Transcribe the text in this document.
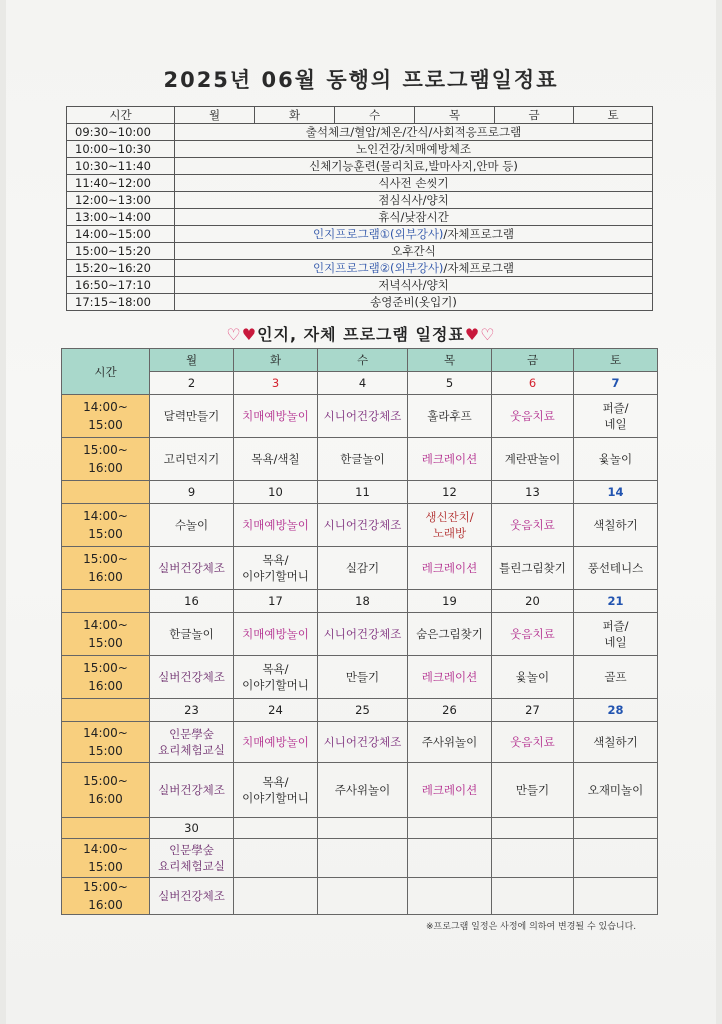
2025년 06월 동행의 프로그램일정표
시간	월	화	수	목	금	토
09:30~10:00	출석체크/혈압/체온/간식/사회적응프로그램					
10:00~10:30	노인건강/치매예방체조					
10:30~11:40	신체기능훈련(물리치료,발마사지,안마 등)					
11:40~12:00	식사전 손씻기					
12:00~13:00	점심식사/양치					
13:00~14:00	휴식/낮잠시간					
14:00~15:00	인지프로그램①(외부강사)/자체프로그램					
15:00~15:20	오후간식					
15:20~16:20	인지프로그램②(외부강사)/자체프로그램					
16:50~17:10	저녁식사/양치					
17:15~18:00	송영준비(옷입기)					
♡♥인지, 자체 프로그램 일정표♥♡
시간	월	화	수	목	금	토
	2	3	4	5	6	7
14:00~
15:00	달력만들기	치매예방놀이	시니어건강체조	훌라후프	웃음치료	퍼즐/
네일
15:00~
16:00	고리던지기	목욕/색칠	한글놀이	레크레이션	계란판놀이	윷놀이
	9	10	11	12	13	14
14:00~
15:00	수놀이	치매예방놀이	시니어건강체조	생신잔치/
노래방	웃음치료	색칠하기
15:00~
16:00	실버건강체조	목욕/
이야기할머니	실감기	레크레이션	틀린그림찾기	풍선테니스
	16	17	18	19	20	21
14:00~
15:00	한글놀이	치매예방놀이	시니어건강체조	숨은그림찾기	웃음치료	퍼즐/
네일
15:00~
16:00	실버건강체조	목욕/
이야기할머니	만들기	레크레이션	윷놀이	골프
	23	24	25	26	27	28
14:00~
15:00	인문學숲
요리체험교실	치매예방놀이	시니어건강체조	주사위놀이	웃음치료	색칠하기
15:00~
16:00	실버건강체조	목욕/
이야기할머니	주사위놀이	레크레이션	만들기	오재미놀이
	30					
14:00~
15:00	인문學숲
요리체험교실					
15:00~
16:00	실버건강체조					
※프로그램 일정은 사정에 의하여 변경될 수 있습니다.
